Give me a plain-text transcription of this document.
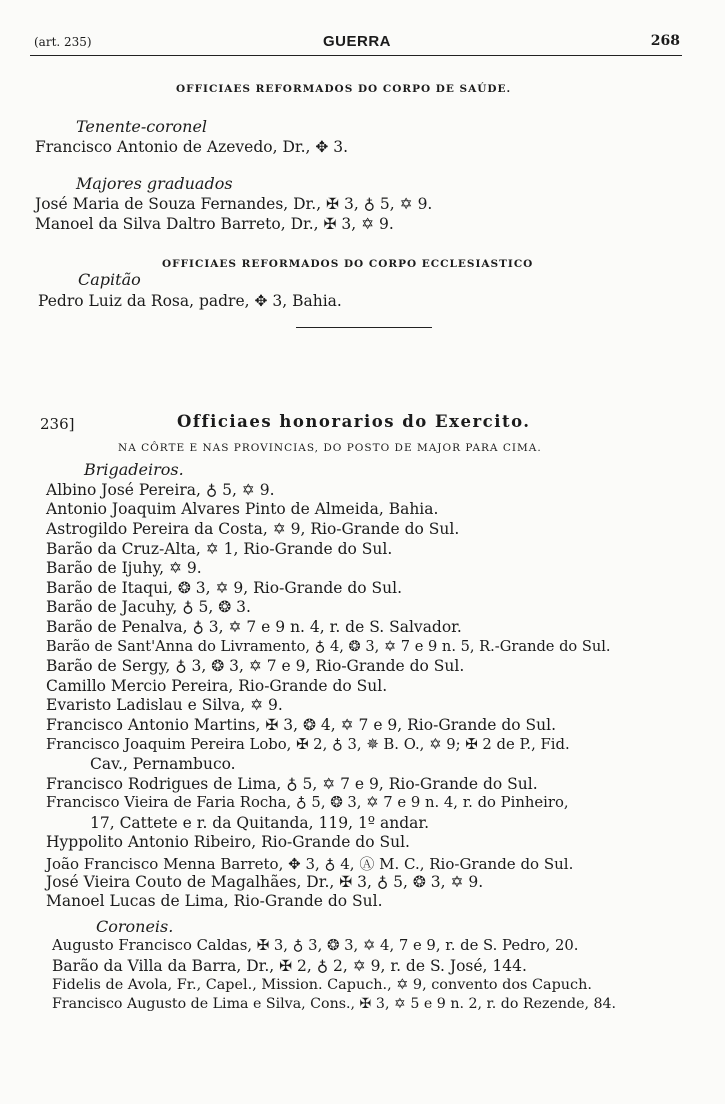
(art. 235)	GUERRA	268
OFFICIAES REFORMADOS DO CORPO DE SAÚDE.
Tenente-coronel
Francisco Antonio de Azevedo, Dr., ✥ 3.
Majores graduados
José Maria de Souza Fernandes, Dr., ✠ 3, ♁ 5, ✡ 9.
Manoel da Silva Daltro Barreto, Dr., ✠ 3, ✡ 9.
OFFICIAES REFORMADOS DO CORPO ECCLESIASTICO
Capitão
Pedro Luiz da Rosa, padre, ✥ 3, Bahia.
236]	Officiaes honorarios do Exercito.
NA CÔRTE E NAS PROVINCIAS, DO POSTO DE MAJOR PARA CIMA.
Brigadeiros.
Albino José Pereira, ♁ 5, ✡ 9.
Antonio Joaquim Alvares Pinto de Almeida, Bahia.
Astrogildo Pereira da Costa, ✡ 9, Rio-Grande do Sul.
Barão da Cruz-Alta, ✡ 1, Rio-Grande do Sul.
Barão de Ijuhy, ✡ 9.
Barão de Itaqui, ❂ 3, ✡ 9, Rio-Grande do Sul.
Barão de Jacuhy, ♁ 5, ❂ 3.
Barão de Penalva, ♁ 3, ✡ 7 e 9 n. 4, r. de S. Salvador.
Barão de Sant'Anna do Livramento, ♁ 4, ❂ 3, ✡ 7 e 9 n. 5, R.-Grande do Sul.
Barão de Sergy, ♁ 3, ❂ 3, ✡ 7 e 9, Rio-Grande do Sul.
Camillo Mercio Pereira, Rio-Grande do Sul.
Evaristo Ladislau e Silva, ✡ 9.
Francisco Antonio Martins, ✠ 3, ❂ 4, ✡ 7 e 9, Rio-Grande do Sul.
Francisco Joaquim Pereira Lobo, ✠ 2, ♁ 3, ✵ B. O., ✡ 9; ✠ 2 de P., Fid.
Cav., Pernambuco.
Francisco Rodrigues de Lima, ♁ 5, ✡ 7 e 9, Rio-Grande do Sul.
Francisco Vieira de Faria Rocha, ♁ 5, ❂ 3, ✡ 7 e 9 n. 4, r. do Pinheiro,
17, Cattete e r. da Quitanda, 119, 1º andar.
Hyppolito Antonio Ribeiro, Rio-Grande do Sul.
João Francisco Menna Barreto, ✥ 3, ♁ 4, Ⓐ M. C., Rio-Grande do Sul.
José Vieira Couto de Magalhães, Dr., ✠ 3, ♁ 5, ❂ 3, ✡ 9.
Manoel Lucas de Lima, Rio-Grande do Sul.
Coroneis.
Augusto Francisco Caldas, ✠ 3, ♁ 3, ❂ 3, ✡ 4, 7 e 9, r. de S. Pedro, 20.
Barão da Villa da Barra, Dr., ✠ 2, ♁ 2, ✡ 9, r. de S. José, 144.
Fidelis de Avola, Fr., Capel., Mission. Capuch., ✡ 9, convento dos Capuch.
Francisco Augusto de Lima e Silva, Cons., ✠ 3, ✡ 5 e 9 n. 2, r. do Rezende, 84.
